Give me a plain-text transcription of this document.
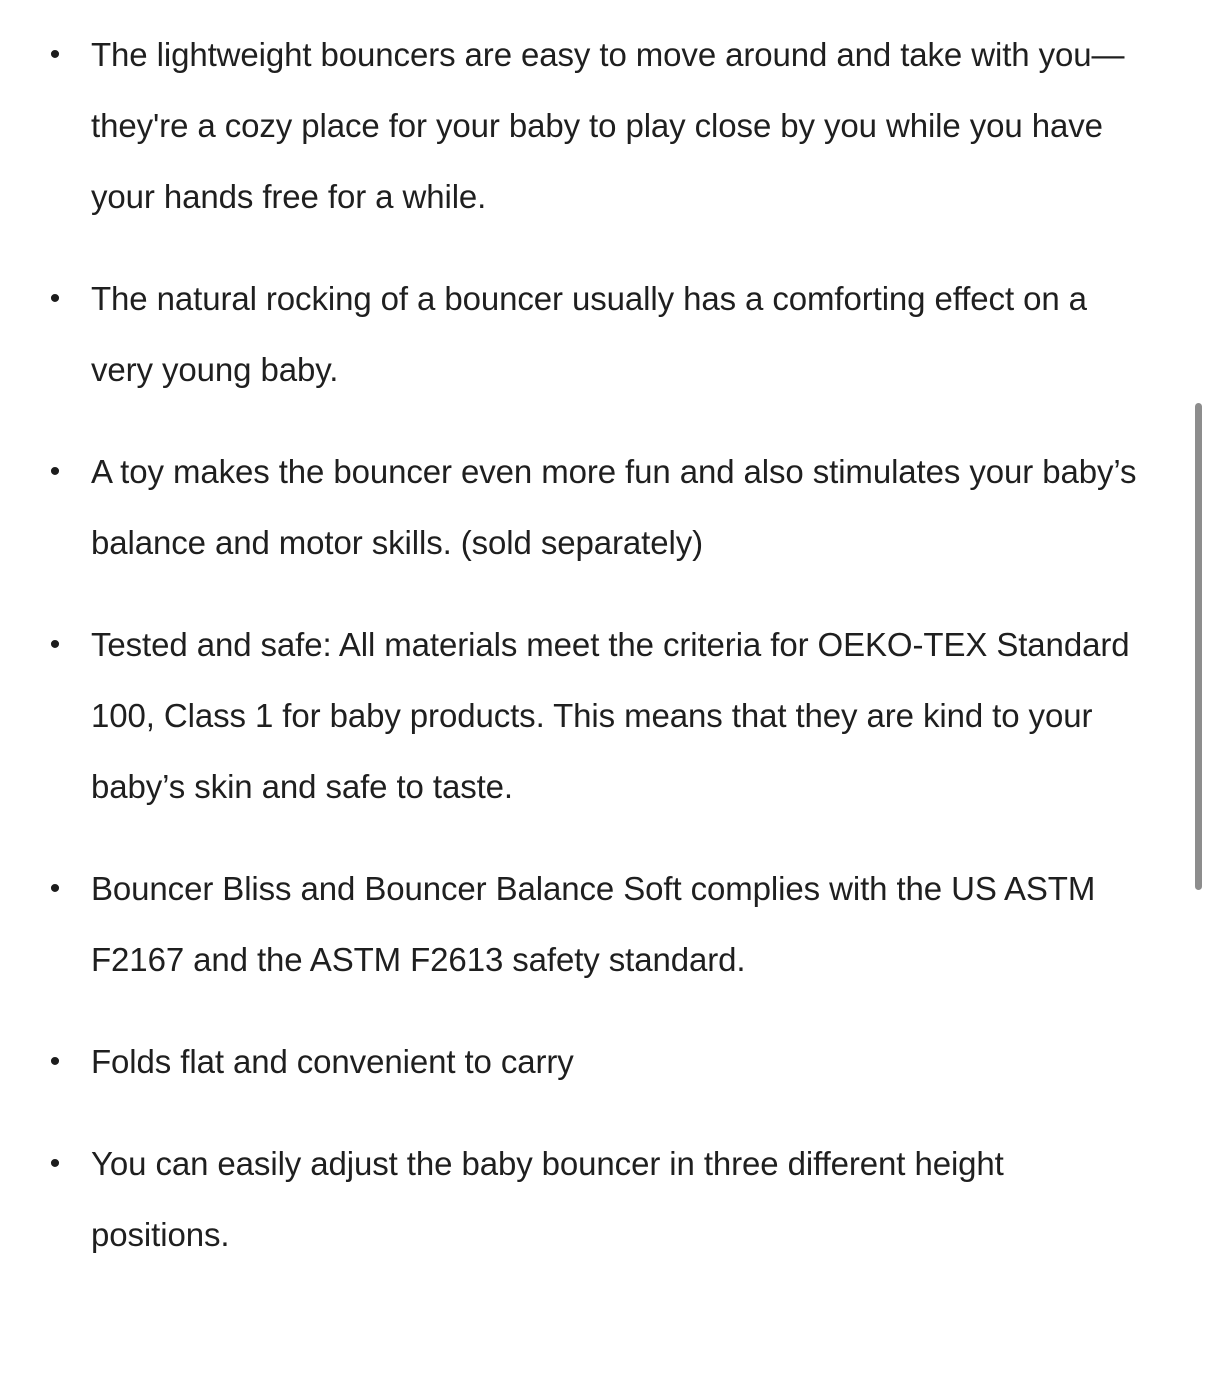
• The lightweight bouncers are easy to move around and take with you—they're a cozy place for your baby to play close by you while you have your hands free for a while.
• The natural rocking of a bouncer usually has a comforting effect on a very young baby.
• A toy makes the bouncer even more fun and also stimulates your baby’s balance and motor skills. (sold separately)
• Tested and safe: All materials meet the criteria for OEKO-TEX Standard 100, Class 1 for baby products. This means that they are kind to your baby’s skin and safe to taste.
• Bouncer Bliss and Bouncer Balance Soft complies with the US ASTM F2167 and the ASTM F2613 safety standard.
• Folds flat and convenient to carry
• You can easily adjust the baby bouncer in three different height positions.
